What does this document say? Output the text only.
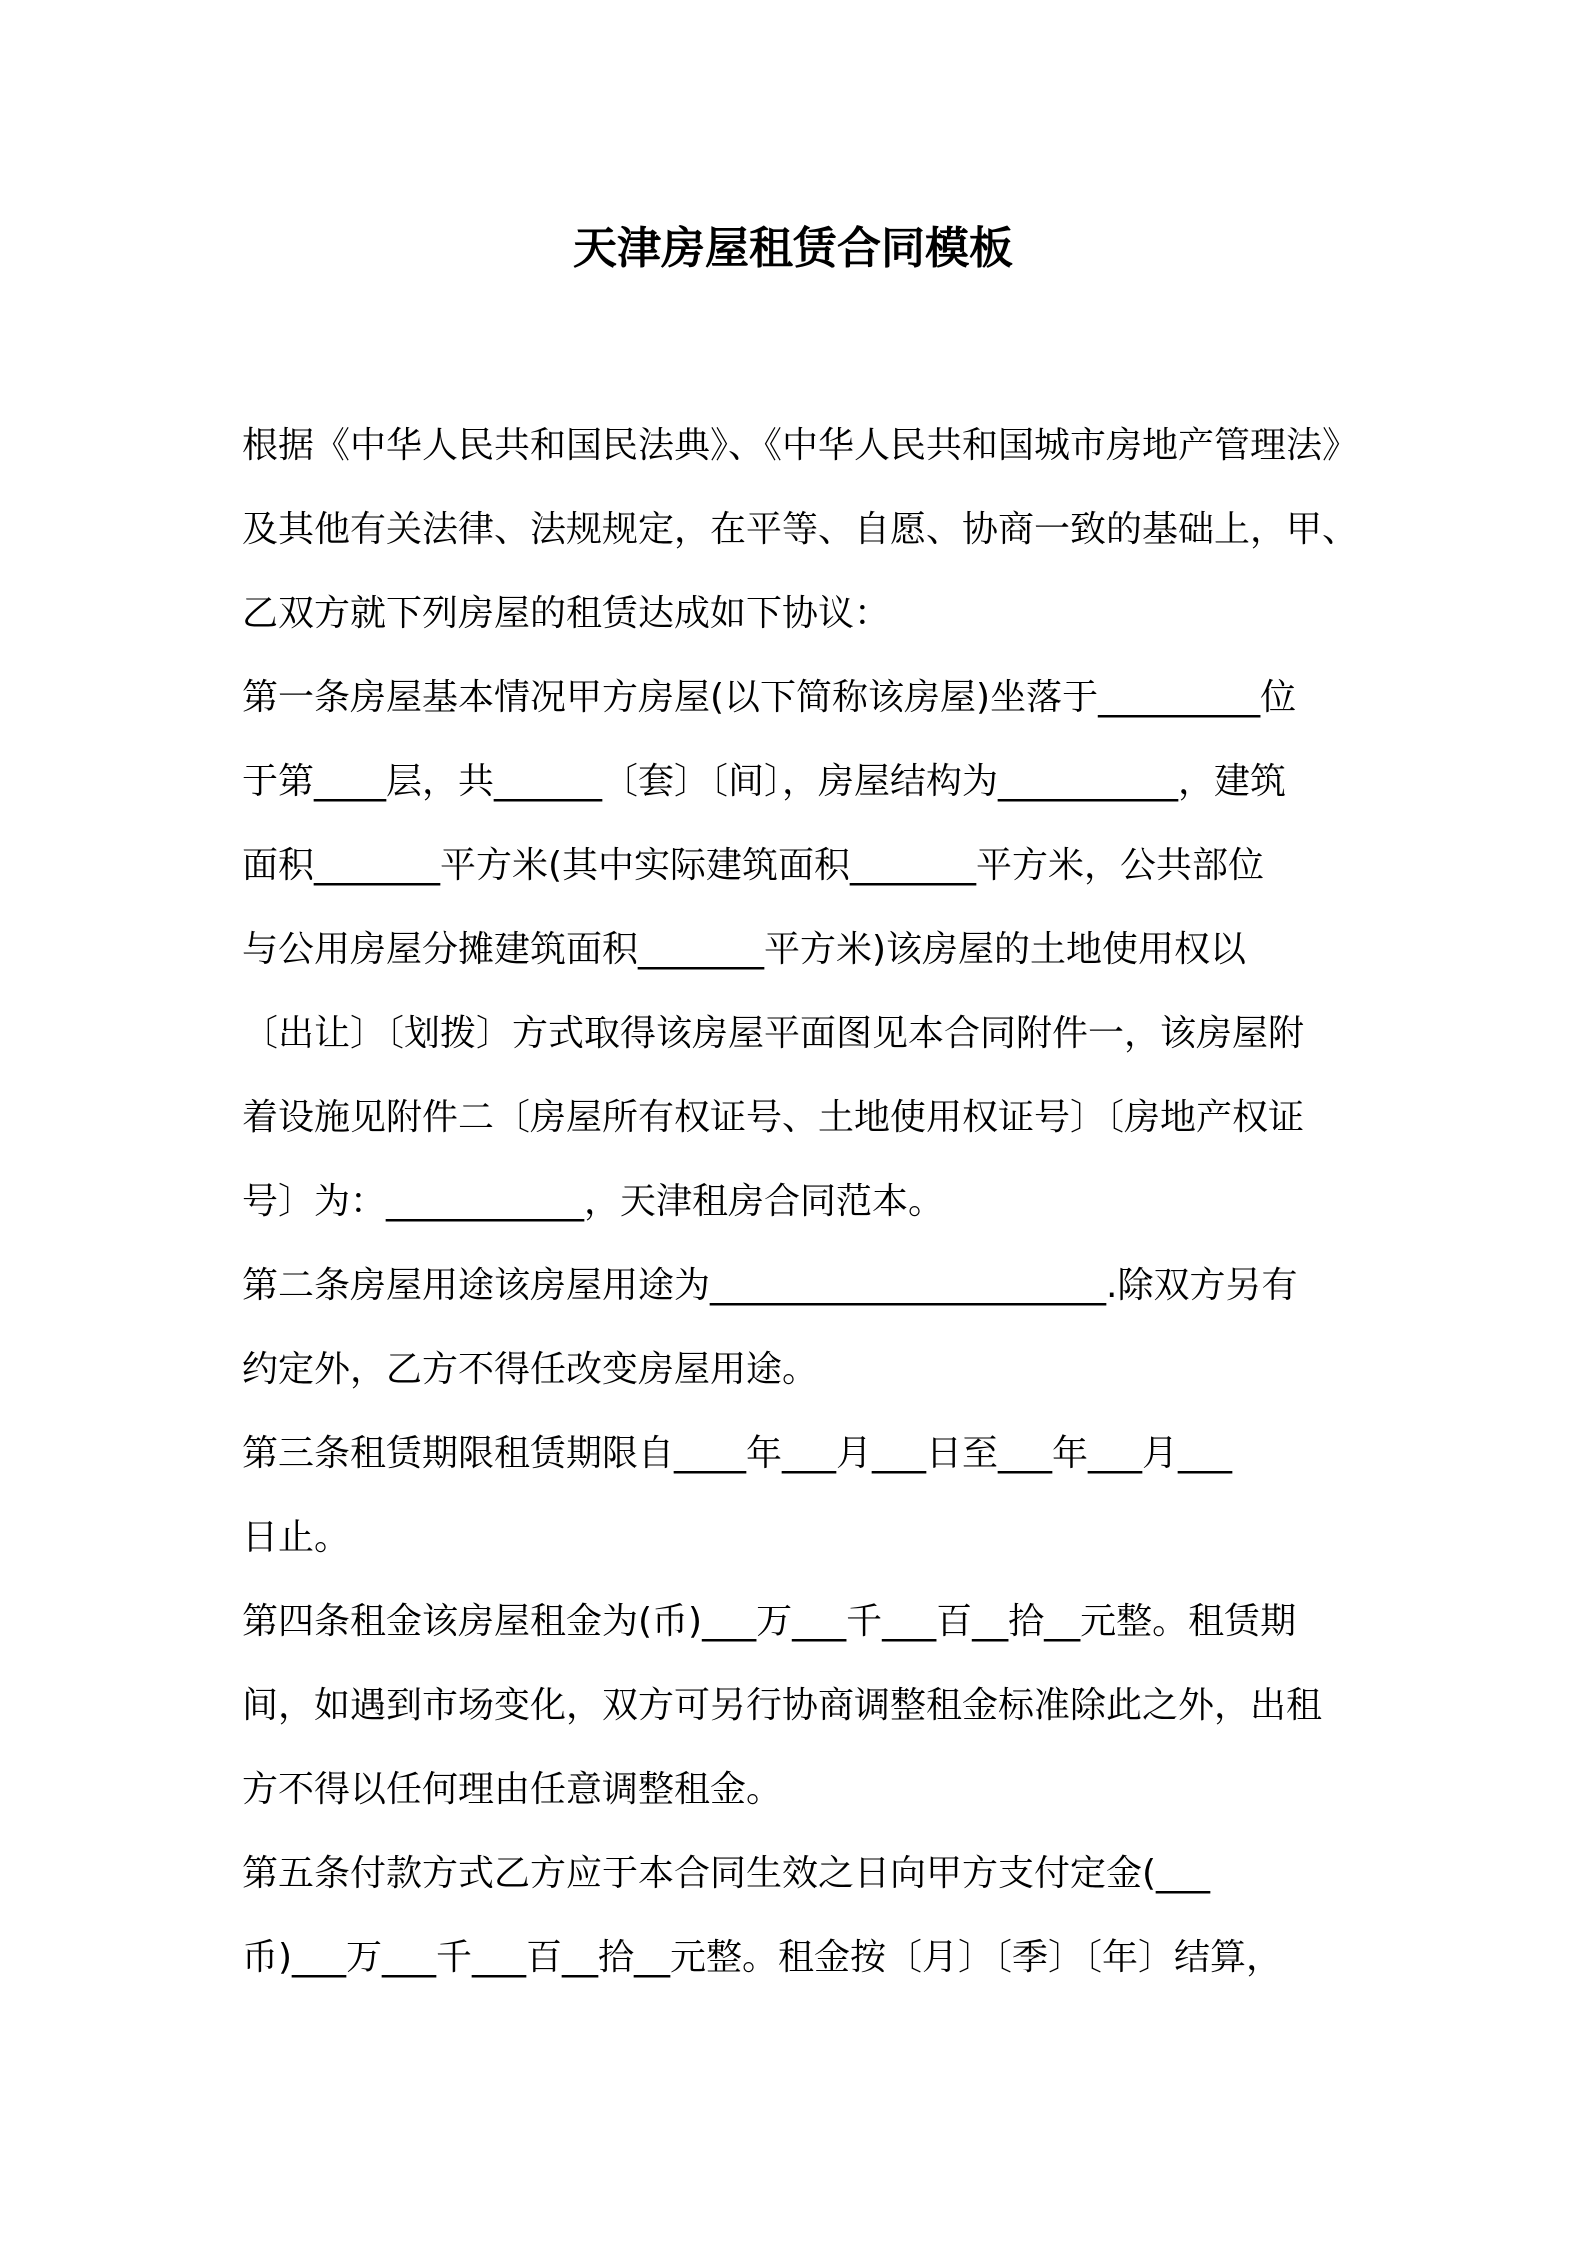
天津房屋租赁合同模板
根据《中华人民共和国民法典》、《中华人民共和国城市房地产管理法》
及其他有关法律、法规规定，在平等、自愿、协商一致的基础上，甲、
乙双方就下列房屋的租赁达成如下协议：
第一条房屋基本情况甲方房屋(以下简称该房屋)坐落于_________位
于第____层，共______〔套〕〔间〕，房屋结构为__________，建筑
面积_______平方米(其中实际建筑面积_______平方米，公共部位
与公用房屋分摊建筑面积_______平方米)该房屋的土地使用权以
〔出让〕〔划拨〕方式取得该房屋平面图见本合同附件一，该房屋附
着设施见附件二〔房屋所有权证号、土地使用权证号〕〔房地产权证
号〕为：___________，天津租房合同范本。
第二条房屋用途该房屋用途为______________________.除双方另有
约定外，乙方不得任改变房屋用途。
第三条租赁期限租赁期限自____年___月___日至___年___月___
日止。
第四条租金该房屋租金为(币)___万___千___百__拾__元整。租赁期
间，如遇到市场变化，双方可另行协商调整租金标准除此之外，出租
方不得以任何理由任意调整租金。
第五条付款方式乙方应于本合同生效之日向甲方支付定金(___
币)___万___千___百__拾__元整。租金按〔月〕〔季〕〔年〕结算，
